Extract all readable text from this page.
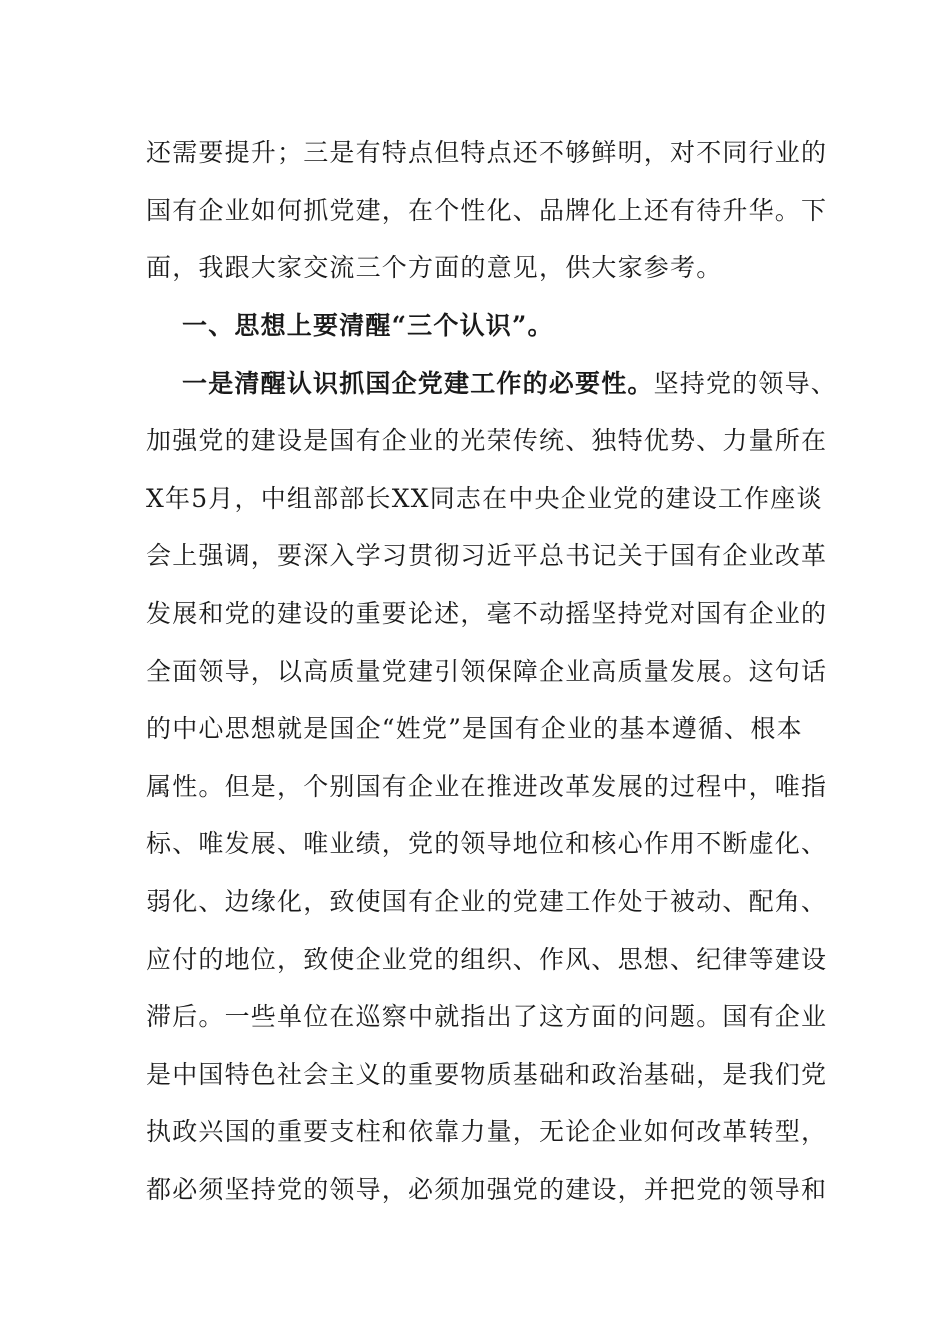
还需要提升；三是有特点但特点还不够鲜明，对不同行业的
国有企业如何抓党建，在个性化、品牌化上还有待升华。下
面，我跟大家交流三个方面的意见，供大家参考。
一、思想上要清醒“三个认识”。
一是清醒认识抓国企党建工作的必要性。坚持党的领导、
加强党的建设是国有企业的光荣传统、独特优势、力量所在
X年5月，中组部部长XX同志在中央企业党的建设工作座谈
会上强调，要深入学习贯彻习近平总书记关于国有企业改革
发展和党的建设的重要论述，毫不动摇坚持党对国有企业的
全面领导，以高质量党建引领保障企业高质量发展。这句话
的中心思想就是国企“姓党”是国有企业的基本遵循、根本
属性。但是，个别国有企业在推进改革发展的过程中，唯指
标、唯发展、唯业绩，党的领导地位和核心作用不断虚化、
弱化、边缘化，致使国有企业的党建工作处于被动、配角、
应付的地位，致使企业党的组织、作风、思想、纪律等建设
滞后。一些单位在巡察中就指出了这方面的问题。国有企业
是中国特色社会主义的重要物质基础和政治基础，是我们党
执政兴国的重要支柱和依靠力量，无论企业如何改革转型，
都必须坚持党的领导，必须加强党的建设，并把党的领导和
